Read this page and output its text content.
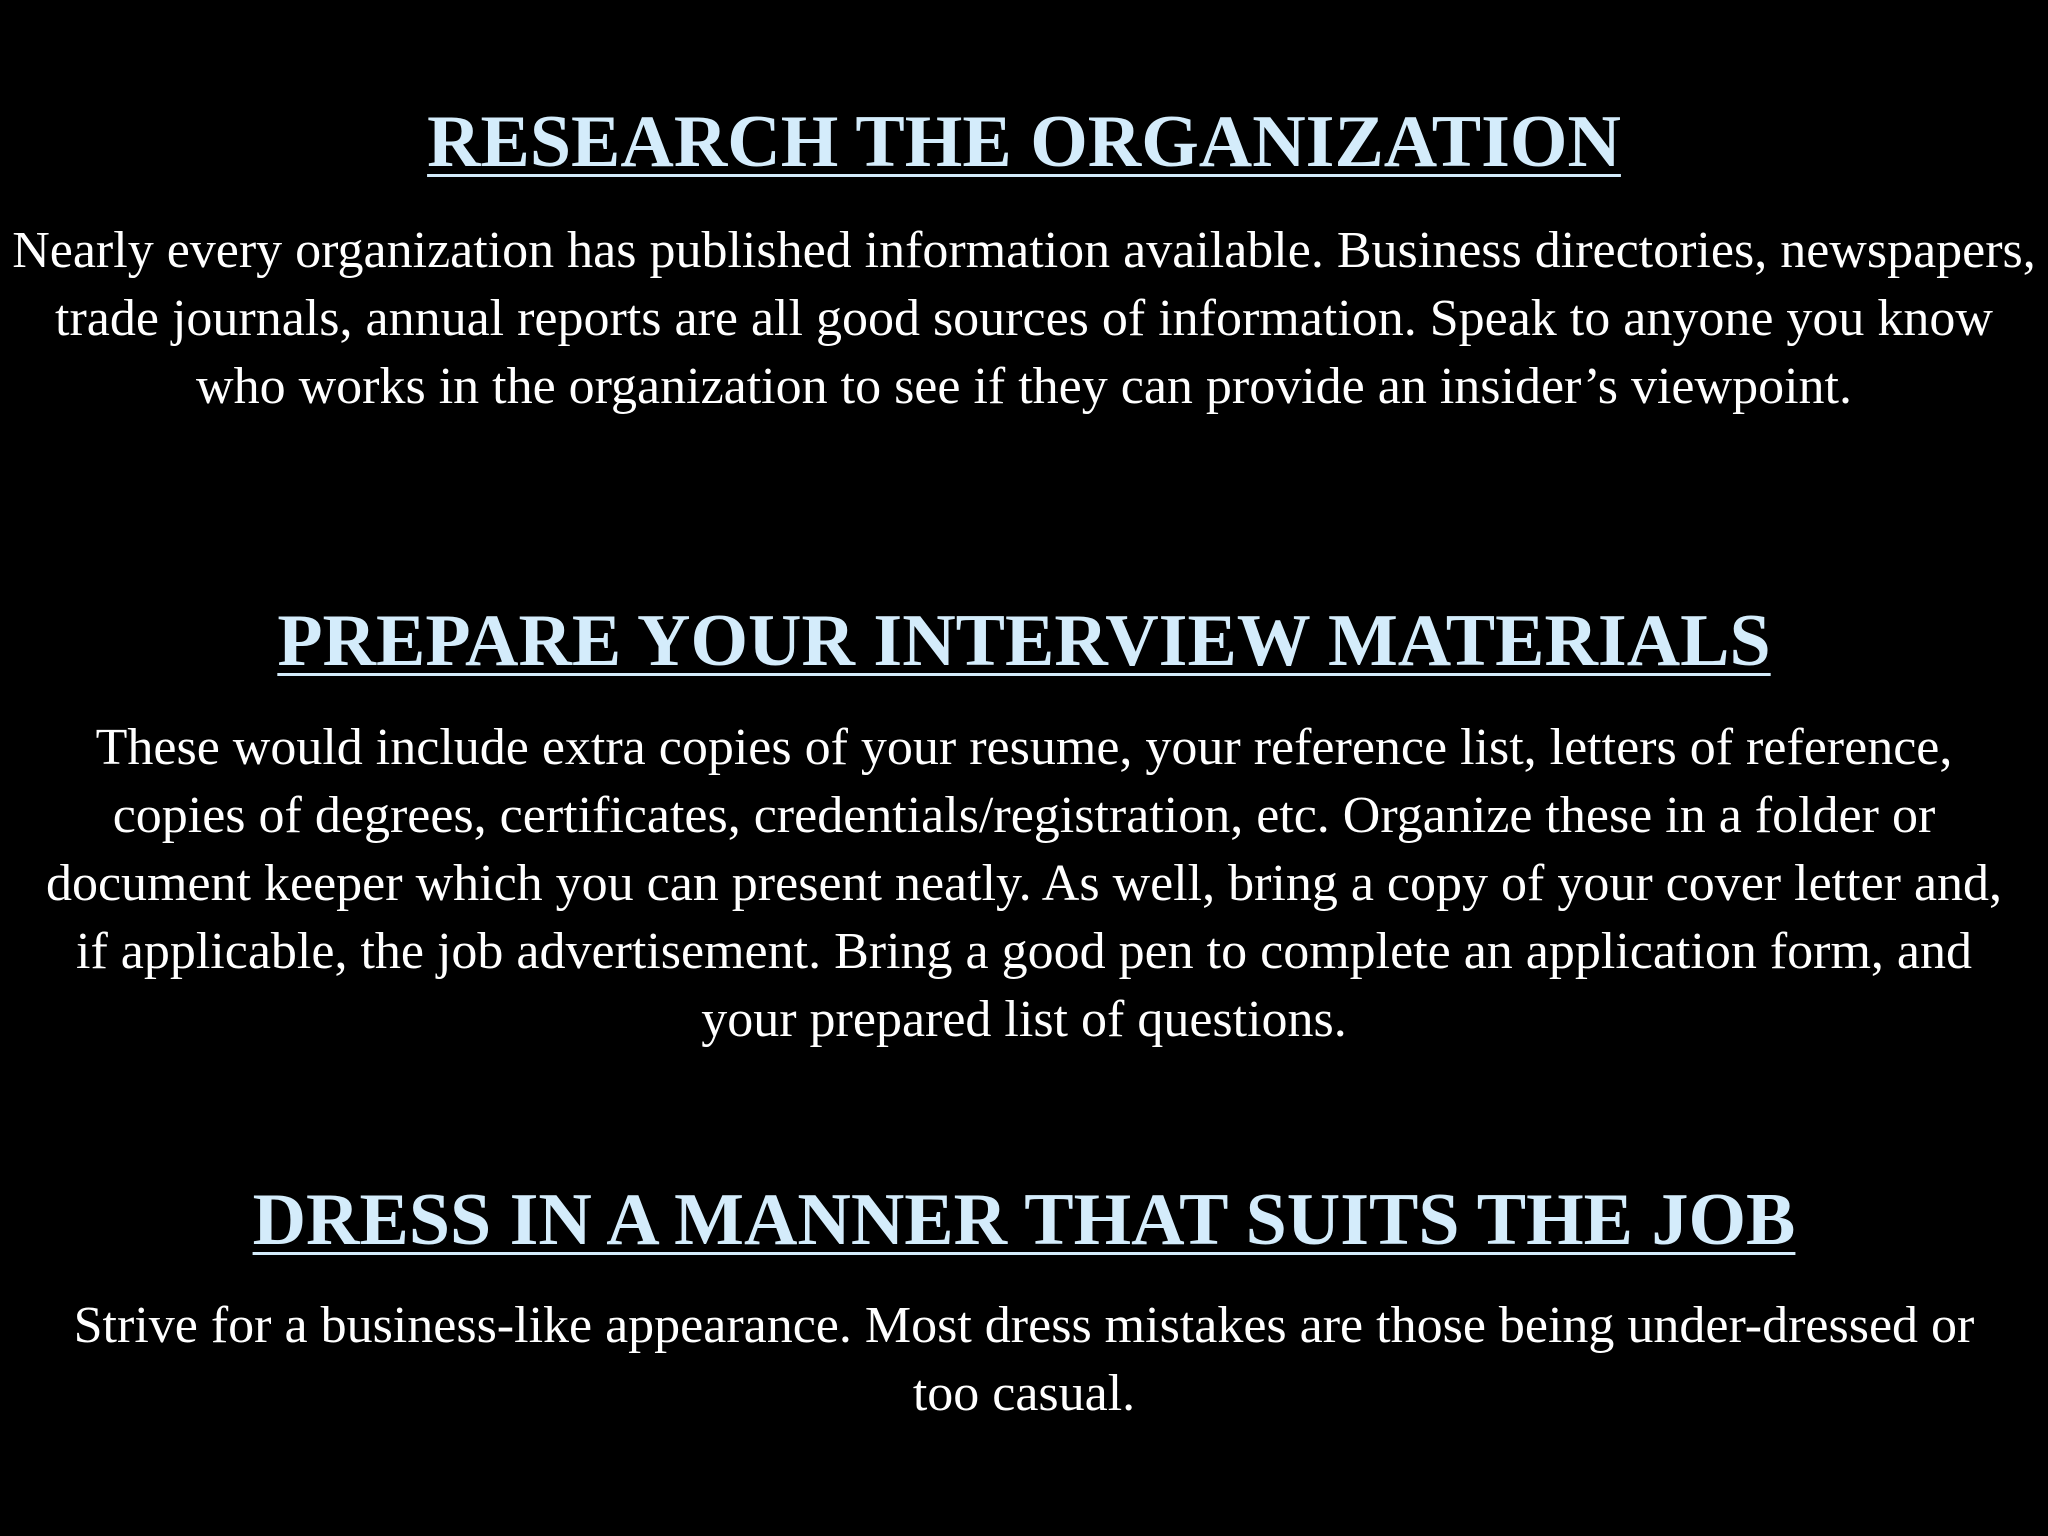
RESEARCH THE ORGANIZATION

Nearly every organization has published information available. Business directories, newspapers, trade journals, annual reports are all good sources of information. Speak to anyone you know who works in the organization to see if they can provide an insider’s viewpoint.

PREPARE YOUR INTERVIEW MATERIALS

These would include extra copies of your resume, your reference list, letters of reference, copies of degrees, certificates, credentials/registration, etc. Organize these in a folder or document keeper which you can present neatly. As well, bring a copy of your cover letter and, if applicable, the job advertisement. Bring a good pen to complete an application form, and your prepared list of questions.

DRESS IN A MANNER THAT SUITS THE JOB

Strive for a business-like appearance. Most dress mistakes are those being under-dressed or too casual.
